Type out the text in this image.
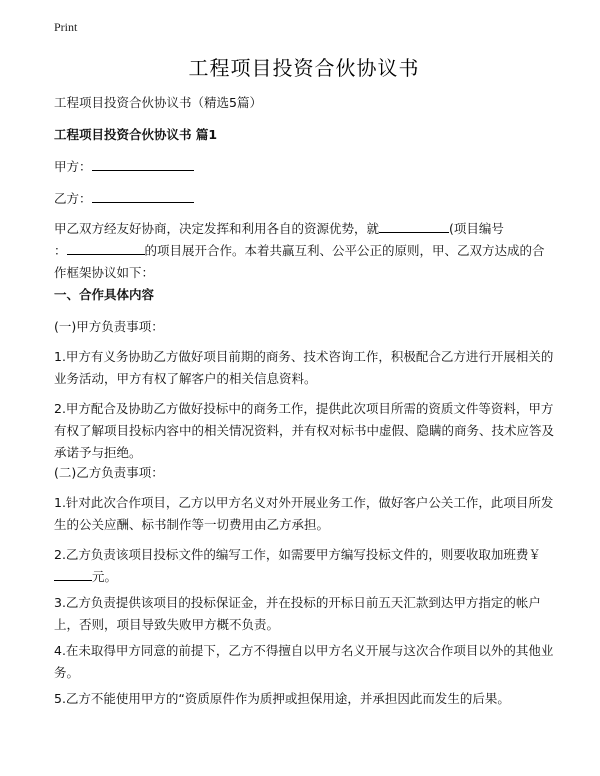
Print
工程项目投资合伙协议书
工程项目投资合伙协议书（精选5篇）
工程项目投资合伙协议书 篇1
甲方：
乙方：
甲乙双方经友好协商，决定发挥和利用各自的资源优势，就	(项目编号
：	的项目展开合作。本着共赢互利、公平公正的原则，甲、乙双方达成的合作框架协议如下：
一、合作具体内容
(一)甲方负责事项：
1.甲方有义务协助乙方做好项目前期的商务、技术咨询工作，积极配合乙方进行开展相关的业务活动，甲方有权了解客户的相关信息资料。
2.甲方配合及协助乙方做好投标中的商务工作，提供此次项目所需的资质文件等资料，甲方有权了解项目投标内容中的相关情况资料，并有权对标书中虚假、隐瞒的商务、技术应答及承诺予与拒绝。
(二)乙方负责事项：
1.针对此次合作项目，乙方以甲方名义对外开展业务工作，做好客户公关工作，此项目所发生的公关应酬、标书制作等一切费用由乙方承担。
2.乙方负责该项目投标文件的编写工作，如需要甲方编写投标文件的，则要收取加班费￥元。
3.乙方负责提供该项目的投标保证金，并在投标的开标日前五天汇款到达甲方指定的帐户上，否则，项目导致失败甲方概不负责。
4.在未取得甲方同意的前提下，乙方不得擅自以甲方名义开展与这次合作项目以外的其他业务。
5.乙方不能使用甲方的“资质原件作为质押或担保用途，并承担因此而发生的后果。
